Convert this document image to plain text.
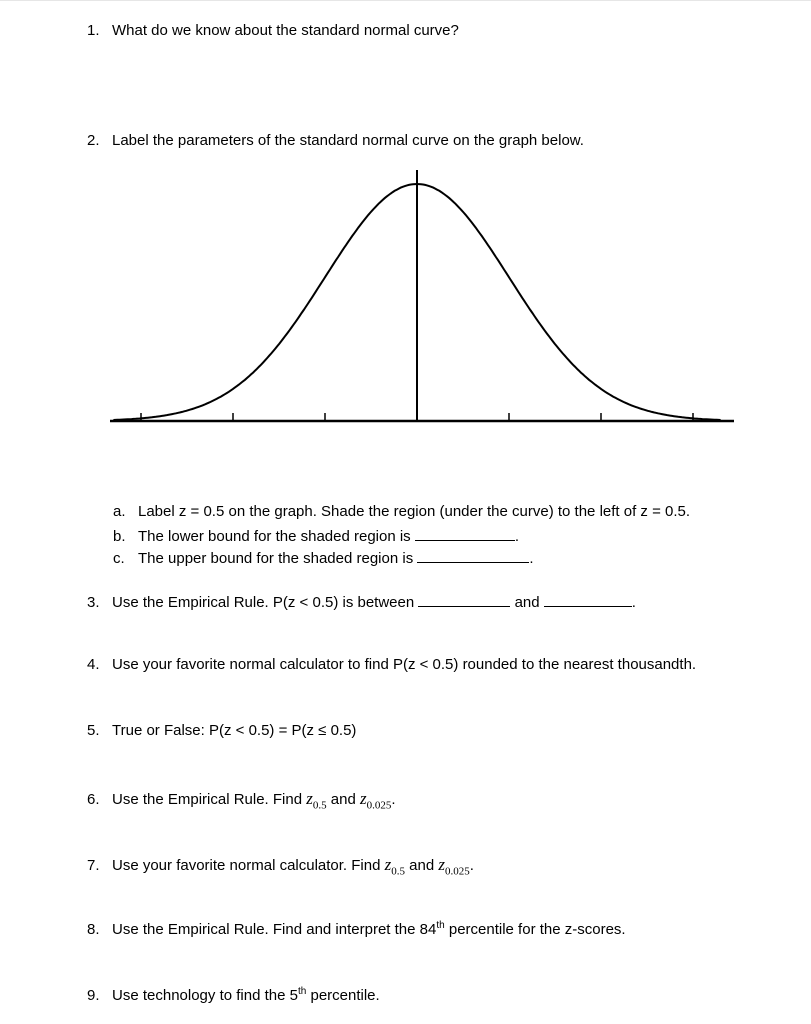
1. What do we know about the standard normal curve?
2. Label the parameters of the standard normal curve on the graph below.
a. Label z = 0.5 on the graph. Shade the region (under the curve) to the left of z = 0.5.
b. The lower bound for the shaded region is	.
c. The upper bound for the shaded region is	.
3. Use the Empirical Rule. P(z < 0.5) is between	and	.
4. Use your favorite normal calculator to find P(z < 0.5) rounded to the nearest thousandth.
5. True or False: P(z < 0.5) = P(z ≤ 0.5)
6. Use the Empirical Rule. Find $z_{0.5}$ and $z_{0.025}$.
7. Use your favorite normal calculator. Find $z_{0.5}$ and $z_{0.025}$.
8. Use the Empirical Rule. Find and interpret the 84th percentile for the z-scores.
9. Use technology to find the 5th percentile.
